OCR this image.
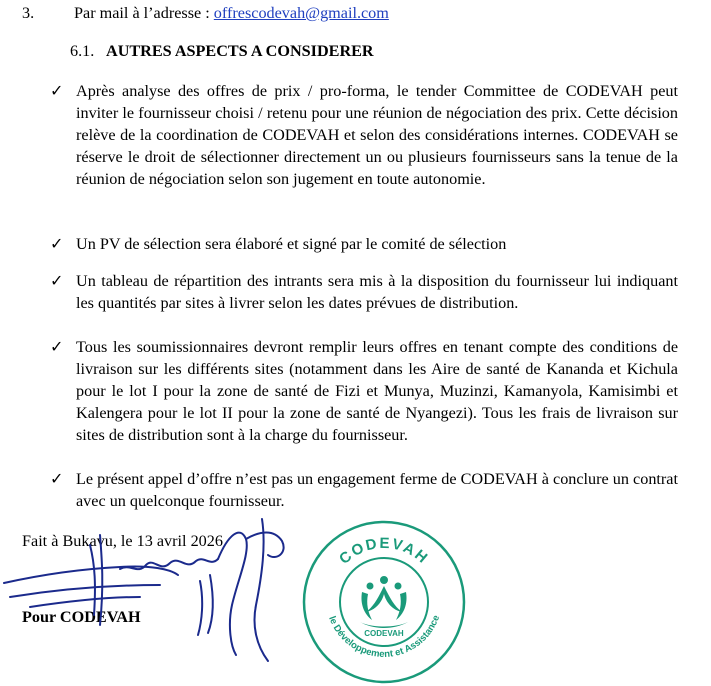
3. Par mail à l’adresse : offrescodevah@gmail.com
6.1. AUTRES ASPECTS A CONSIDERER
✓ Après analyse des offres de prix / pro-forma, le tender Committee de CODEVAH peut inviter le fournisseur choisi / retenu pour une réunion de négociation des prix. Cette décision relève de la coordination de CODEVAH et selon des considérations internes. CODEVAH se réserve le droit de sélectionner directement un ou plusieurs fournisseurs sans la tenue de la réunion de négociation selon son jugement en toute autonomie.
✓ Un PV de sélection sera élaboré et signé par le comité de sélection
✓ Un tableau de répartition des intrants sera mis à la disposition du fournisseur lui indiquant les quantités par sites à livrer selon les dates prévues de distribution.
✓ Tous les soumissionnaires devront remplir leurs offres en tenant compte des conditions de livraison sur les différents sites (notamment dans les Aire de santé de Kananda et Kichula pour le lot I pour la zone de santé de Fizi et Munya, Muzinzi, Kamanyola, Kamisimbi et Kalengera pour le lot II pour la zone de santé de Nyangezi). Tous les frais de livraison sur sites de distribution sont à la charge du fournisseur.
✓ Le présent appel d’offre n’est pas un engagement ferme de CODEVAH à conclure un contrat avec un quelconque fournisseur.
Fait à Bukavu, le 13 avril 2026
Pour CODEVAH
CODEVAH
Comité pour le Développement et Assistance Humanitaire
CODEVAH
